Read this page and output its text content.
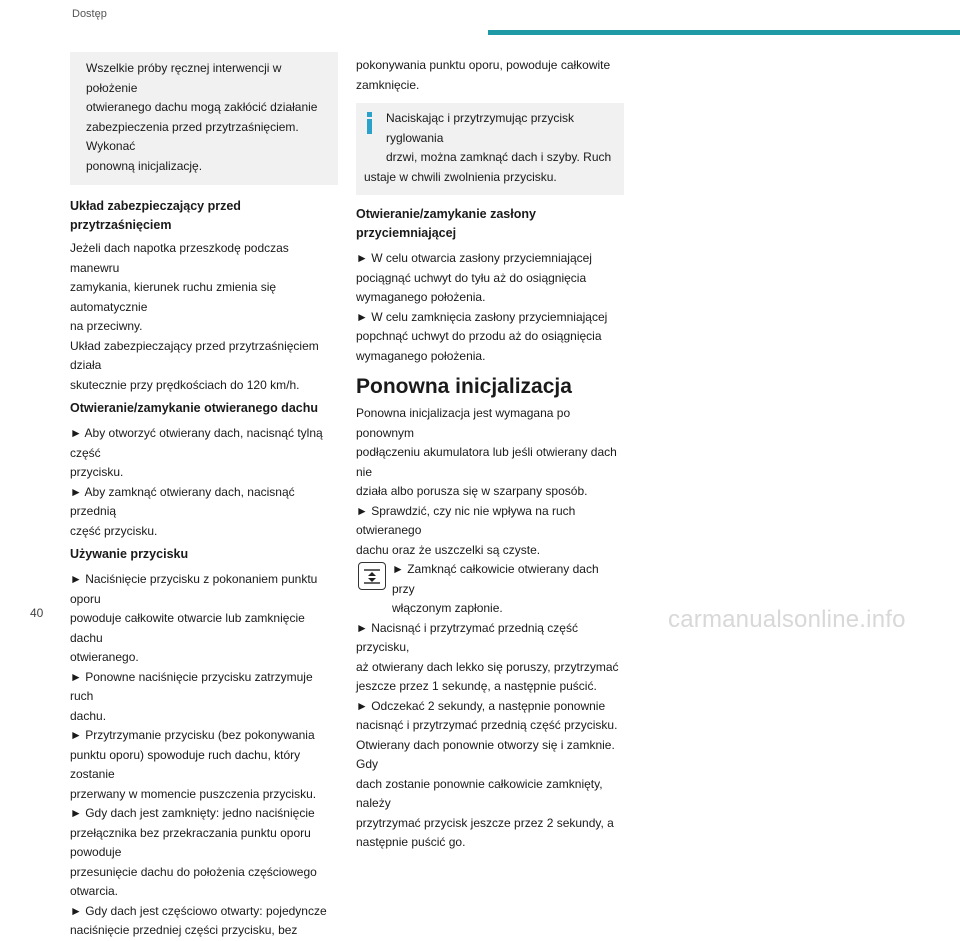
Dostęp

Wszelkie próby ręcznej interwencji w położenie

otwieranego dachu mogą zakłócić działanie

zabezpieczenia przed przytrzaśnięciem. Wykonać

ponowną inicjalizację.

Układ zabezpieczający przed przytrzaśnięciem

Jeżeli dach napotka przeszkodę podczas manewru

zamykania, kierunek ruchu zmienia się automatycznie

na przeciwny.

Układ zabezpieczający przed przytrzaśnięciem działa

skutecznie przy prędkościach do 120 km/h.

Otwieranie/zamykanie otwieranego dachu

► Aby otworzyć otwierany dach, nacisnąć tylną część

przycisku.

► Aby zamknąć otwierany dach, nacisnąć przednią

część przycisku.

Używanie przycisku

► Naciśnięcie przycisku z pokonaniem punktu oporu

powoduje całkowite otwarcie lub zamknięcie dachu

otwieranego.

► Ponowne naciśnięcie przycisku zatrzymuje ruch

dachu.

► Przytrzymanie przycisku (bez pokonywania

punktu oporu) spowoduje ruch dachu, który zostanie

przerwany w momencie puszczenia przycisku.

► Gdy dach jest zamknięty: jedno naciśnięcie

przełącznika bez przekraczania punktu oporu powoduje

przesunięcie dachu do położenia częściowego

otwarcia.

► Gdy dach jest częściowo otwarty: pojedyncze

naciśnięcie przedniej części przycisku, bez

pokonywania punktu oporu, powoduje całkowite

zamknięcie.

Naciskając i przytrzymując przycisk ryglowania

drzwi, można zamknąć dach i szyby. Ruch

ustaje w chwili zwolnienia przycisku.

Otwieranie/zamykanie zasłony przyciemniającej

► W celu otwarcia zasłony przyciemniającej

pociągnąć uchwyt do tyłu aż do osiągnięcia

wymaganego położenia.

► W celu zamknięcia zasłony przyciemniającej

popchnąć uchwyt do przodu aż do osiągnięcia

wymaganego położenia.

Ponowna inicjalizacja

Ponowna inicjalizacja jest wymagana po ponownym

podłączeniu akumulatora lub jeśli otwierany dach nie

działa albo porusza się w szarpany sposób.

► Sprawdzić, czy nic nie wpływa na ruch otwieranego

dachu oraz że uszczelki są czyste.

► Zamknąć całkowicie otwierany dach przy

włączonym zapłonie.

► Nacisnąć i przytrzymać przednią część przycisku,

aż otwierany dach lekko się poruszy, przytrzymać

jeszcze przez 1 sekundę, a następnie puścić.

► Odczekać 2 sekundy, a następnie ponownie

nacisnąć i przytrzymać przednią część przycisku.

Otwierany dach ponownie otworzy się i zamknie. Gdy

dach zostanie ponownie całkowicie zamknięty, należy

przytrzymać przycisk jeszcze przez 2 sekundy, a

następnie puścić go.

40	carmanualsonline.info
